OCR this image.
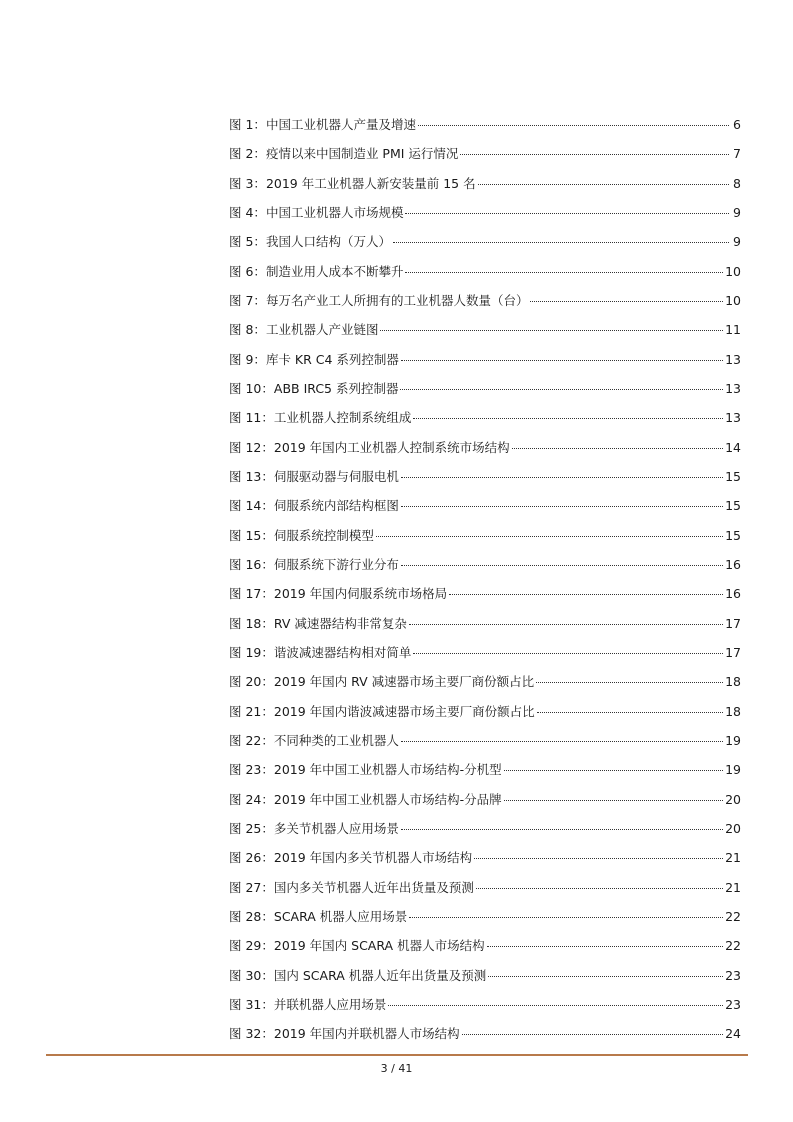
图 1： 中国工业机器人产量及增速	6
图 2： 疫情以来中国制造业 PMI 运行情况	7
图 3： 2019 年工业机器人新安装量前 15 名	8
图 4： 中国工业机器人市场规模	9
图 5： 我国人口结构（万人）	9
图 6： 制造业用人成本不断攀升	10
图 7： 每万名产业工人所拥有的工业机器人数量（台）	10
图 8： 工业机器人产业链图	11
图 9： 库卡 KR C4 系列控制器	13
图 10： ABB IRC5 系列控制器	13
图 11： 工业机器人控制系统组成	13
图 12： 2019 年国内工业机器人控制系统市场结构	14
图 13： 伺服驱动器与伺服电机	15
图 14： 伺服系统内部结构框图	15
图 15： 伺服系统控制模型	15
图 16： 伺服系统下游行业分布	16
图 17： 2019 年国内伺服系统市场格局	16
图 18： RV 减速器结构非常复杂	17
图 19： 谐波减速器结构相对简单	17
图 20： 2019 年国内 RV 减速器市场主要厂商份额占比	18
图 21： 2019 年国内谐波减速器市场主要厂商份额占比	18
图 22： 不同种类的工业机器人	19
图 23： 2019 年中国工业机器人市场结构-分机型	19
图 24： 2019 年中国工业机器人市场结构-分品牌	20
图 25： 多关节机器人应用场景	20
图 26： 2019 年国内多关节机器人市场结构	21
图 27： 国内多关节机器人近年出货量及预测	21
图 28： SCARA 机器人应用场景	22
图 29： 2019 年国内 SCARA 机器人市场结构	22
图 30： 国内 SCARA 机器人近年出货量及预测	23
图 31： 并联机器人应用场景	23
图 32： 2019 年国内并联机器人市场结构	24
3 / 41
